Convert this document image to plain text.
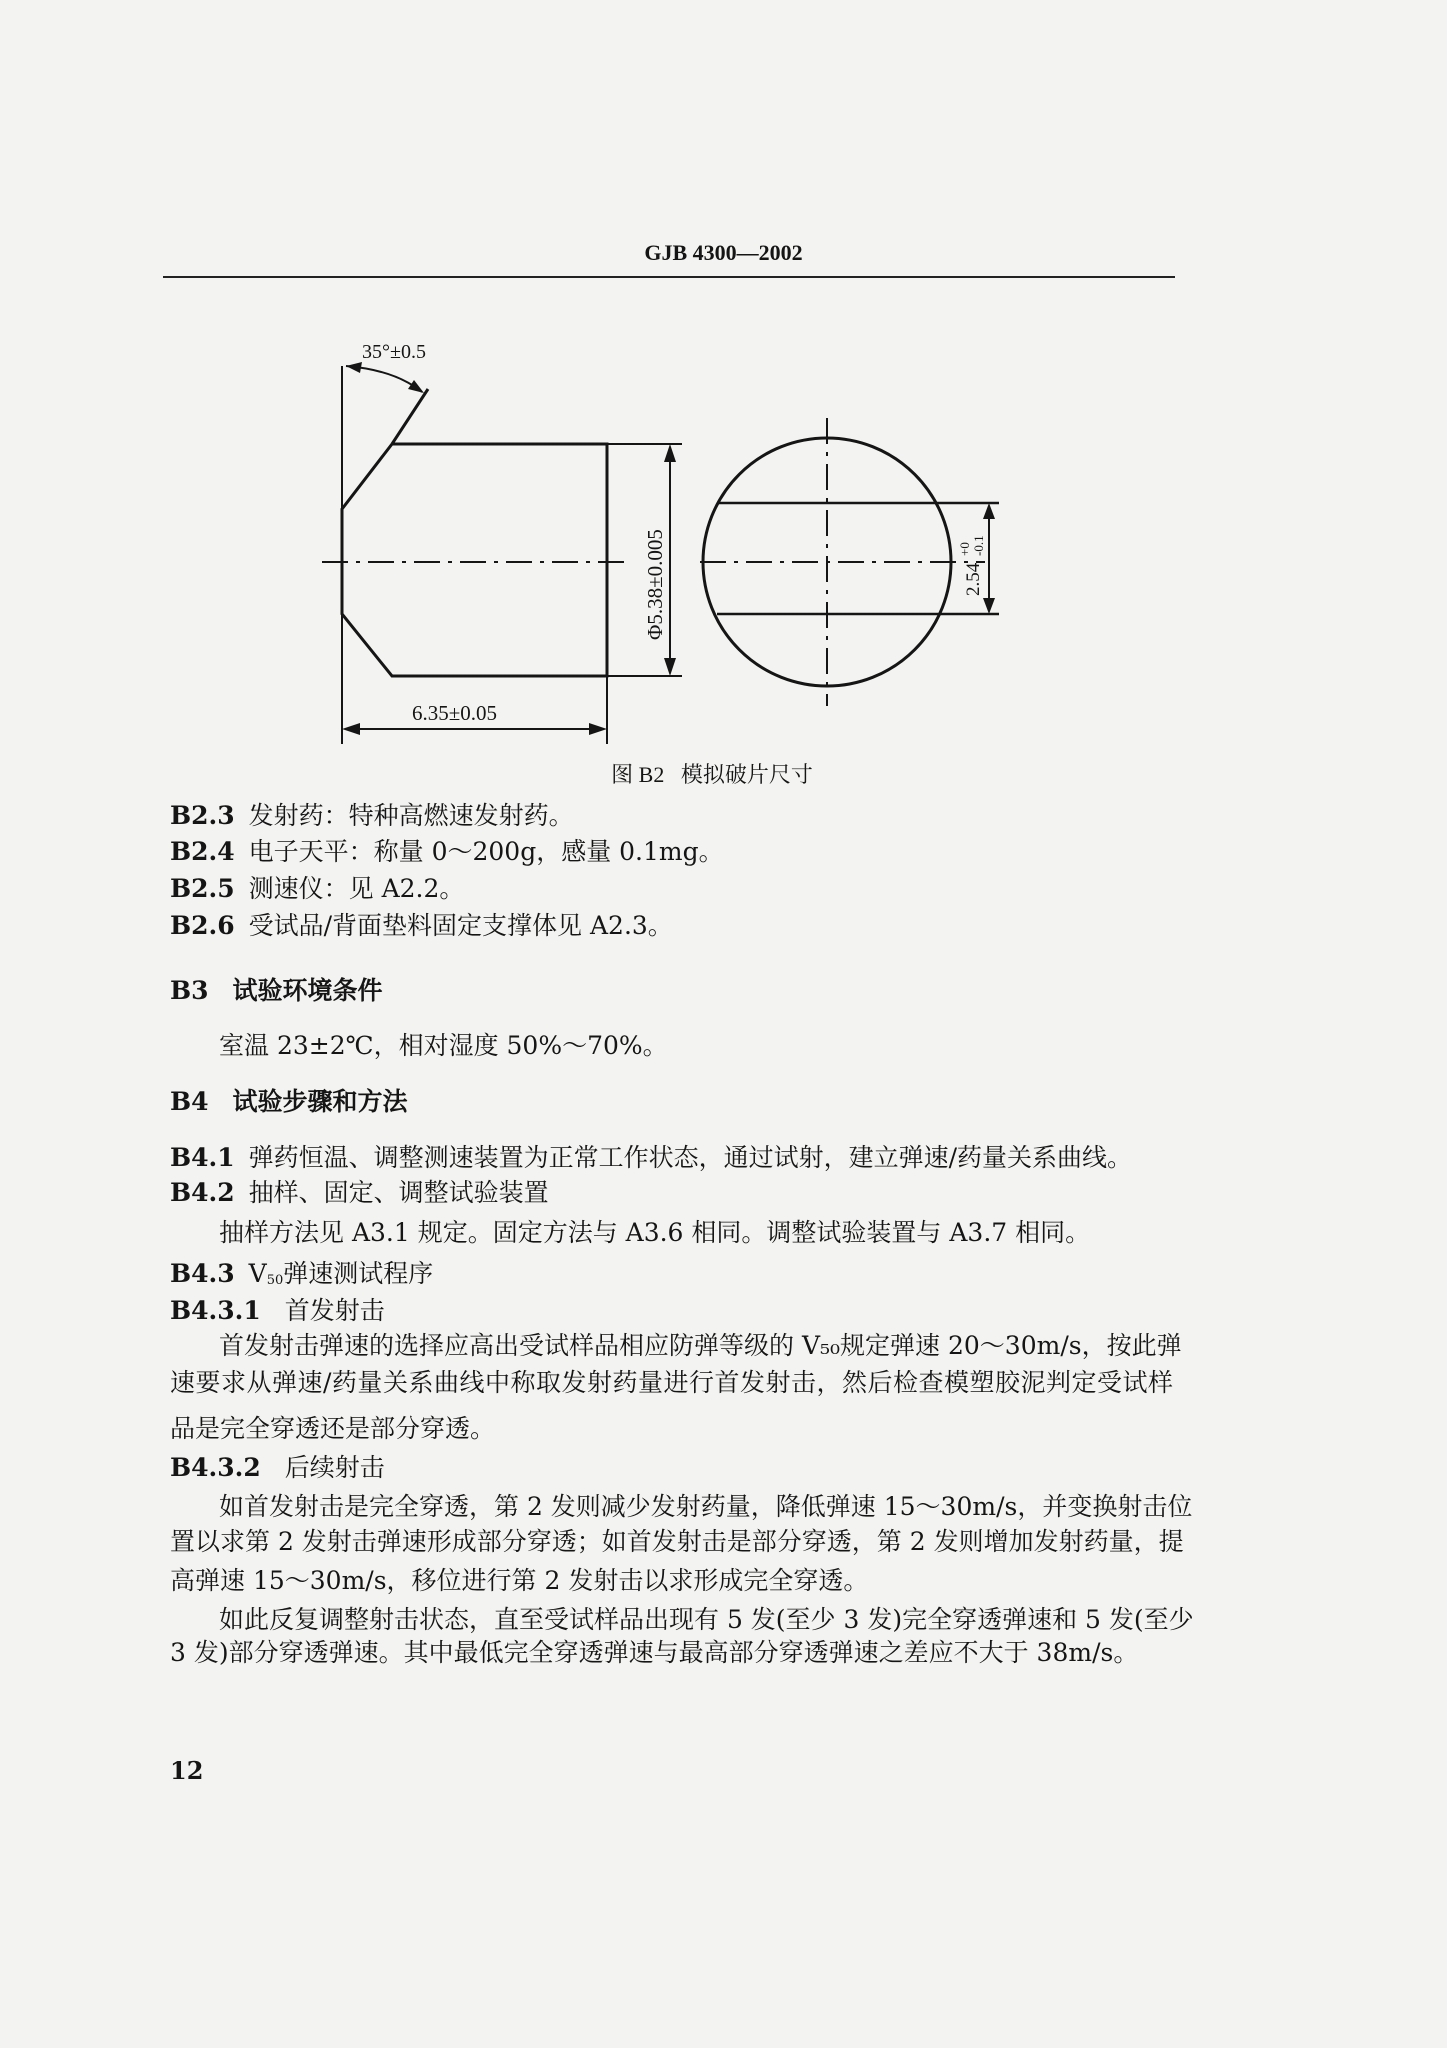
GJB 4300—2002
35°±0.5
6.35±0.05
Φ5.38±0.005	2.54
+0 -0.1
图 B2   模拟破片尺寸
B2.3 发射药：特种高燃速发射药。
B2.4 电子天平：称量 0～200g，感量 0.1mg。
B2.5 测速仪：见 A2.2。
B2.6 受试品/背面垫料固定支撑体见 A2.3。
B3 试验环境条件
室温 23±2℃，相对湿度 50%～70%。
B4 试验步骤和方法
B4.1 弹药恒温、调整测速装置为正常工作状态，通过试射，建立弹速/药量关系曲线。
B4.2 抽样、固定、调整试验装置
抽样方法见 A3.1 规定。固定方法与 A3.6 相同。调整试验装置与 A3.7 相同。
B4.3 $V_{50}$弹速测试程序
B4.3.1 首发射击
首发射击弹速的选择应高出受试样品相应防弹等级的 V₅₀规定弹速 20～30m/s，按此弹
速要求从弹速/药量关系曲线中称取发射药量进行首发射击，然后检查模塑胶泥判定受试样
品是完全穿透还是部分穿透。
B4.3.2 后续射击
如首发射击是完全穿透，第 2 发则减少发射药量，降低弹速 15～30m/s，并变换射击位
置以求第 2 发射击弹速形成部分穿透；如首发射击是部分穿透，第 2 发则增加发射药量，提
高弹速 15～30m/s，移位进行第 2 发射击以求形成完全穿透。
如此反复调整射击状态，直至受试样品出现有 5 发(至少 3 发)完全穿透弹速和 5 发(至少
3 发)部分穿透弹速。其中最低完全穿透弹速与最高部分穿透弹速之差应不大于 38m/s。
12
